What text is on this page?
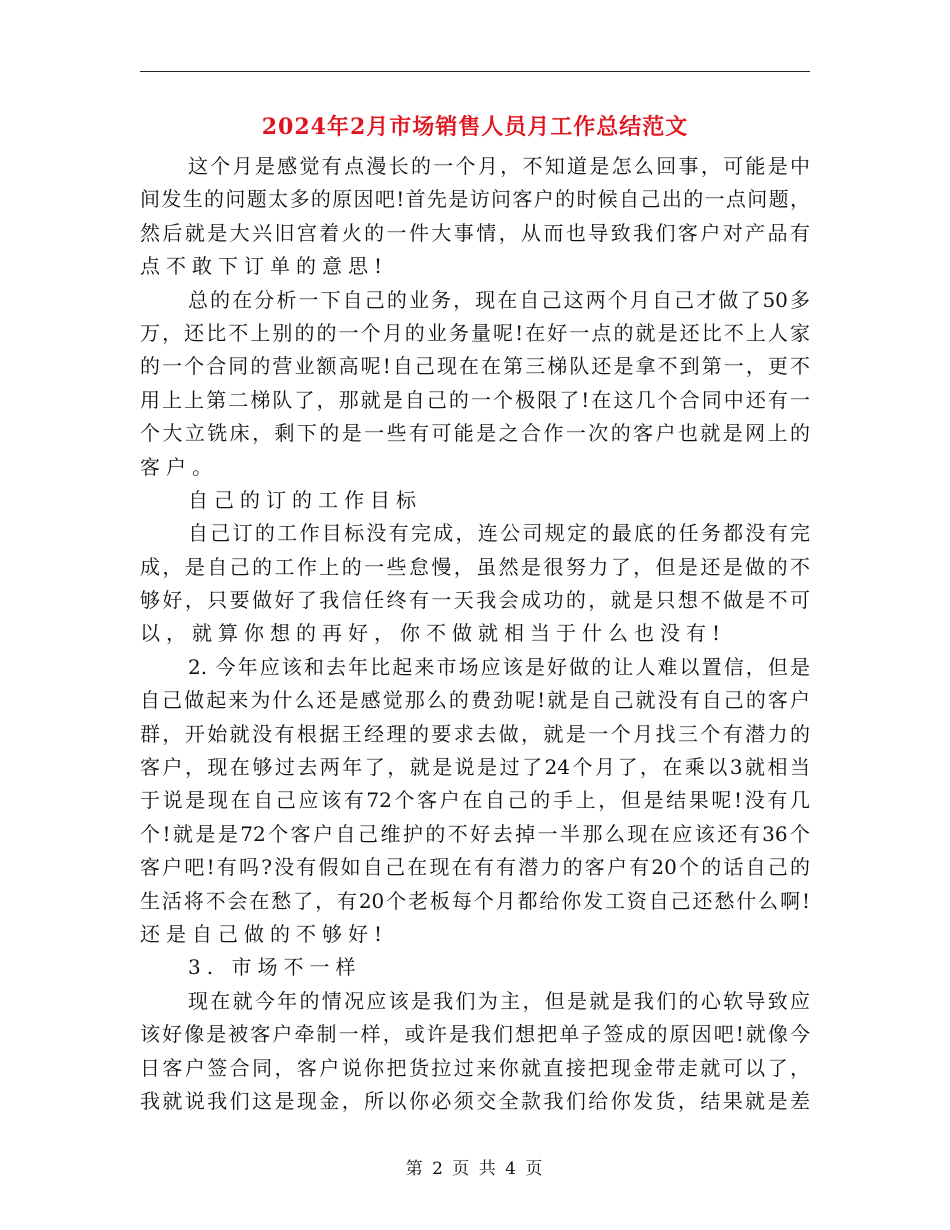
2024年2月市场销售人员月工作总结范文
这个月是感觉有点漫长的一个月，不知道是怎么回事，可能是中
间发生的问题太多的原因吧!首先是访问客户的时候自己出的一点问题，
然后就是大兴旧宫着火的一件大事情，从而也导致我们客户对产品有
点不敢下订单的意思!
总的在分析一下自己的业务，现在自己这两个月自己才做了50多
万，还比不上别的的一个月的业务量呢!在好一点的就是还比不上人家
的一个合同的营业额高呢!自己现在在第三梯队还是拿不到第一，更不
用上上第二梯队了，那就是自己的一个极限了!在这几个合同中还有一
个大立铣床，剩下的是一些有可能是之合作一次的客户也就是网上的
客户。
自己的订的工作目标
自己订的工作目标没有完成，连公司规定的最底的任务都没有完
成，是自己的工作上的一些怠慢，虽然是很努力了，但是还是做的不
够好，只要做好了我信任终有一天我会成功的，就是只想不做是不可
以，就算你想的再好，你不做就相当于什么也没有!
2. 今年应该和去年比起来市场应该是好做的让人难以置信，但是
自己做起来为什么还是感觉那么的费劲呢!就是自己就没有自己的客户
群，开始就没有根据王经理的要求去做，就是一个月找三个有潜力的
客户，现在够过去两年了，就是说是过了24个月了，在乘以3就相当
于说是现在自己应该有72个客户在自己的手上，但是结果呢!没有几
个!就是是72个客户自己维护的不好去掉一半那么现在应该还有36个
客户吧!有吗?没有假如自己在现在有有潜力的客户有20个的话自己的
生活将不会在愁了，有20个老板每个月都给你发工资自己还愁什么啊!
还是自己做的不够好!
3. 市场不一样
现在就今年的情况应该是我们为主，但是就是我们的心软导致应
该好像是被客户牵制一样，或许是我们想把单子签成的原因吧!就像今
日客户签合同，客户说你把货拉过来你就直接把现金带走就可以了，
我就说我们这是现金，所以你必须交全款我们给你发货，结果就是差
第 2 页 共 4 页
